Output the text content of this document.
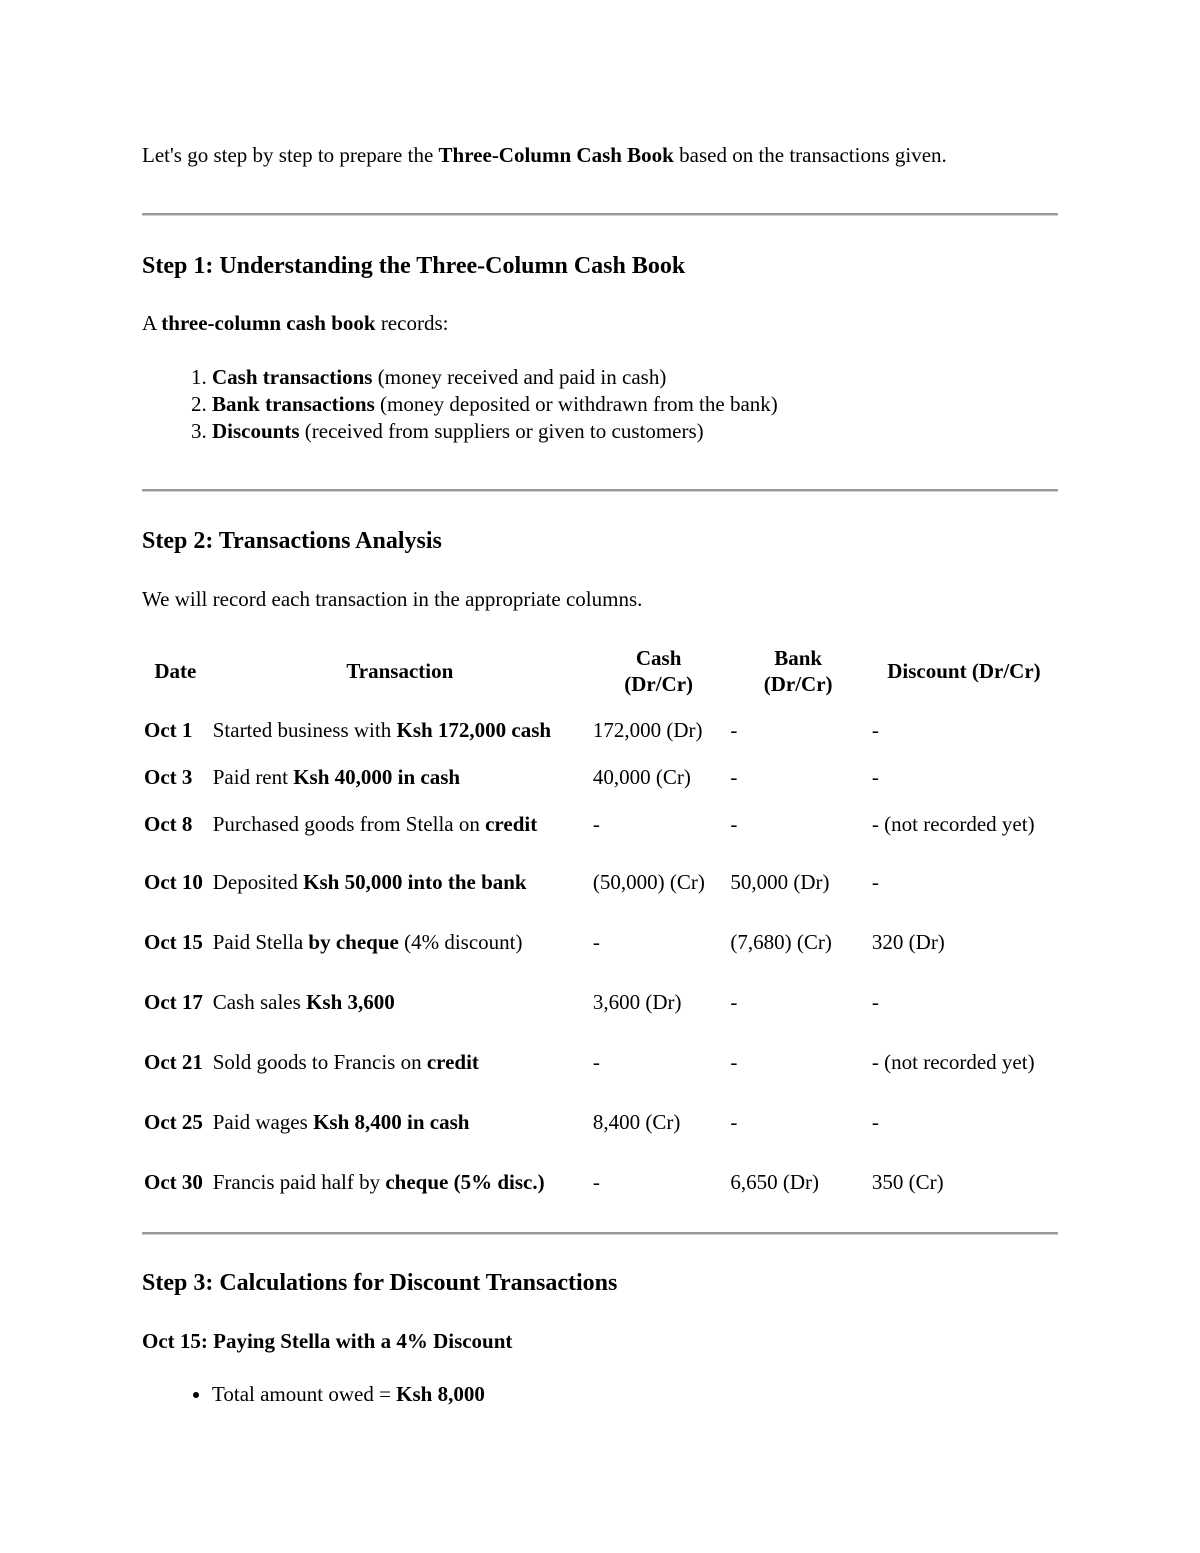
Let's go step by step to prepare the Three-Column Cash Book based on the transactions given.
Step 1: Understanding the Three-Column Cash Book
A three-column cash book records:
1. Cash transactions (money received and paid in cash)
2. Bank transactions (money deposited or withdrawn from the bank)
3. Discounts (received from suppliers or given to customers)
Step 2: Transactions Analysis
We will record each transaction in the appropriate columns.
Date	Transaction	Cash (Dr/Cr)	Bank (Dr/Cr)	Discount (Dr/Cr)
Oct 1	Started business with Ksh 172,000 cash	172,000 (Dr)	-	-
Oct 3	Paid rent Ksh 40,000 in cash	40,000 (Cr)	-	-
Oct 8	Purchased goods from Stella on credit	-	-	- (not recorded yet)
Oct 10	Deposited Ksh 50,000 into the bank	(50,000) (Cr)	50,000 (Dr)	-
Oct 15	Paid Stella by cheque (4% discount)	-	(7,680) (Cr)	320 (Dr)
Oct 17	Cash sales Ksh 3,600	3,600 (Dr)	-	-
Oct 21	Sold goods to Francis on credit	-	-	- (not recorded yet)
Oct 25	Paid wages Ksh 8,400 in cash	8,400 (Cr)	-	-
Oct 30	Francis paid half by cheque (5% disc.)	-	6,650 (Dr)	350 (Cr)
Step 3: Calculations for Discount Transactions
Oct 15: Paying Stella with a 4% Discount
• Total amount owed = Ksh 8,000
